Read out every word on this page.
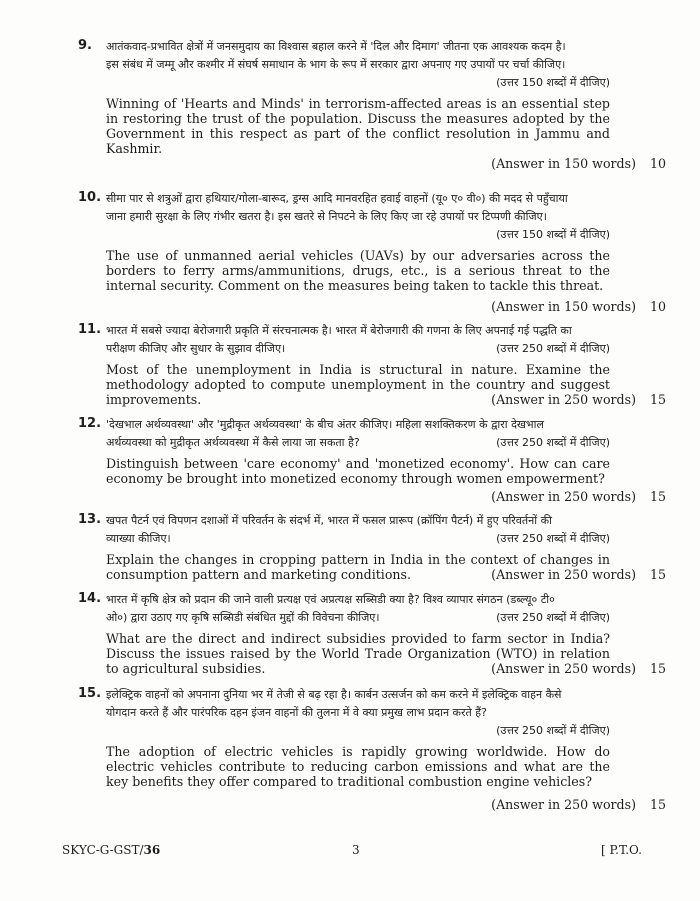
9. आतंकवाद-प्रभावित क्षेत्रों में जनसमुदाय का विश्वास बहाल करने में 'दिल और दिमाग' जीतना एक आवश्यक कदम है।
इस संबंध में जम्मू और कश्मीर में संघर्ष समाधान के भाग के रूप में सरकार द्वारा अपनाए गए उपायों पर चर्चा कीजिए।
(उत्तर 150 शब्दों में दीजिए)
Winning of 'Hearts and Minds' in terrorism-affected areas is an essential step in restoring the trust of the population. Discuss the measures adopted by the Government in this respect as part of the conflict resolution in Jammu and Kashmir.
(Answer in 150 words) 10
10. सीमा पार से शत्रुओं द्वारा हथियार/गोला-बारूद, ड्रग्स आदि मानवरहित हवाई वाहनों (यू० ए० वी०) की मदद से पहुँचाया
जाना हमारी सुरक्षा के लिए गंभीर खतरा है। इस खतरे से निपटने के लिए किए जा रहे उपायों पर टिप्पणी कीजिए।
(उत्तर 150 शब्दों में दीजिए)
The use of unmanned aerial vehicles (UAVs) by our adversaries across the borders to ferry arms/ammunitions, drugs, etc., is a serious threat to the internal security. Comment on the measures being taken to tackle this threat.
(Answer in 150 words) 10
11. भारत में सबसे ज्यादा बेरोजगारी प्रकृति में संरचनात्मक है। भारत में बेरोजगारी की गणना के लिए अपनाई गई पद्धति का
परीक्षण कीजिए और सुधार के सुझाव दीजिए।	(उत्तर 250 शब्दों में दीजिए)
Most of the unemployment in India is structural in nature. Examine the methodology adopted to compute unemployment in the country and suggest improvements.	(Answer in 250 words) 15
12. 'देखभाल अर्थव्यवस्था' और 'मुद्रीकृत अर्थव्यवस्था' के बीच अंतर कीजिए। महिला सशक्तिकरण के द्वारा देखभाल
अर्थव्यवस्था को मुद्रीकृत अर्थव्यवस्था में कैसे लाया जा सकता है?	(उत्तर 250 शब्दों में दीजिए)
Distinguish between 'care economy' and 'monetized economy'. How can care economy be brought into monetized economy through women empowerment?
(Answer in 250 words) 15
13. खपत पैटर्न एवं विपणन दशाओं में परिवर्तन के संदर्भ में, भारत में फसल प्रारूप (क्रॉपिंग पैटर्न) में हुए परिवर्तनों की
व्याख्या कीजिए।	(उत्तर 250 शब्दों में दीजिए)
Explain the changes in cropping pattern in India in the context of changes in consumption pattern and marketing conditions.	(Answer in 250 words) 15
14. भारत में कृषि क्षेत्र को प्रदान की जाने वाली प्रत्यक्ष एवं अप्रत्यक्ष सब्सिडी क्या है? विश्व व्यापार संगठन (डब्ल्यू० टी०
ओ०) द्वारा उठाए गए कृषि सब्सिडी संबंधित मुद्दों की विवेचना कीजिए।	(उत्तर 250 शब्दों में दीजिए)
What are the direct and indirect subsidies provided to farm sector in India? Discuss the issues raised by the World Trade Organization (WTO) in relation to agricultural subsidies.	(Answer in 250 words) 15
15. इलेक्ट्रिक वाहनों को अपनाना दुनिया भर में तेजी से बढ़ रहा है। कार्बन उत्सर्जन को कम करने में इलेक्ट्रिक वाहन कैसे
योगदान करते हैं और पारंपरिक दहन इंजन वाहनों की तुलना में वे क्या प्रमुख लाभ प्रदान करते हैं?
(उत्तर 250 शब्दों में दीजिए)
The adoption of electric vehicles is rapidly growing worldwide. How do electric vehicles contribute to reducing carbon emissions and what are the key benefits they offer compared to traditional combustion engine vehicles?
(Answer in 250 words) 15
SKYC-G-GST/36	3	[ P.T.O.
